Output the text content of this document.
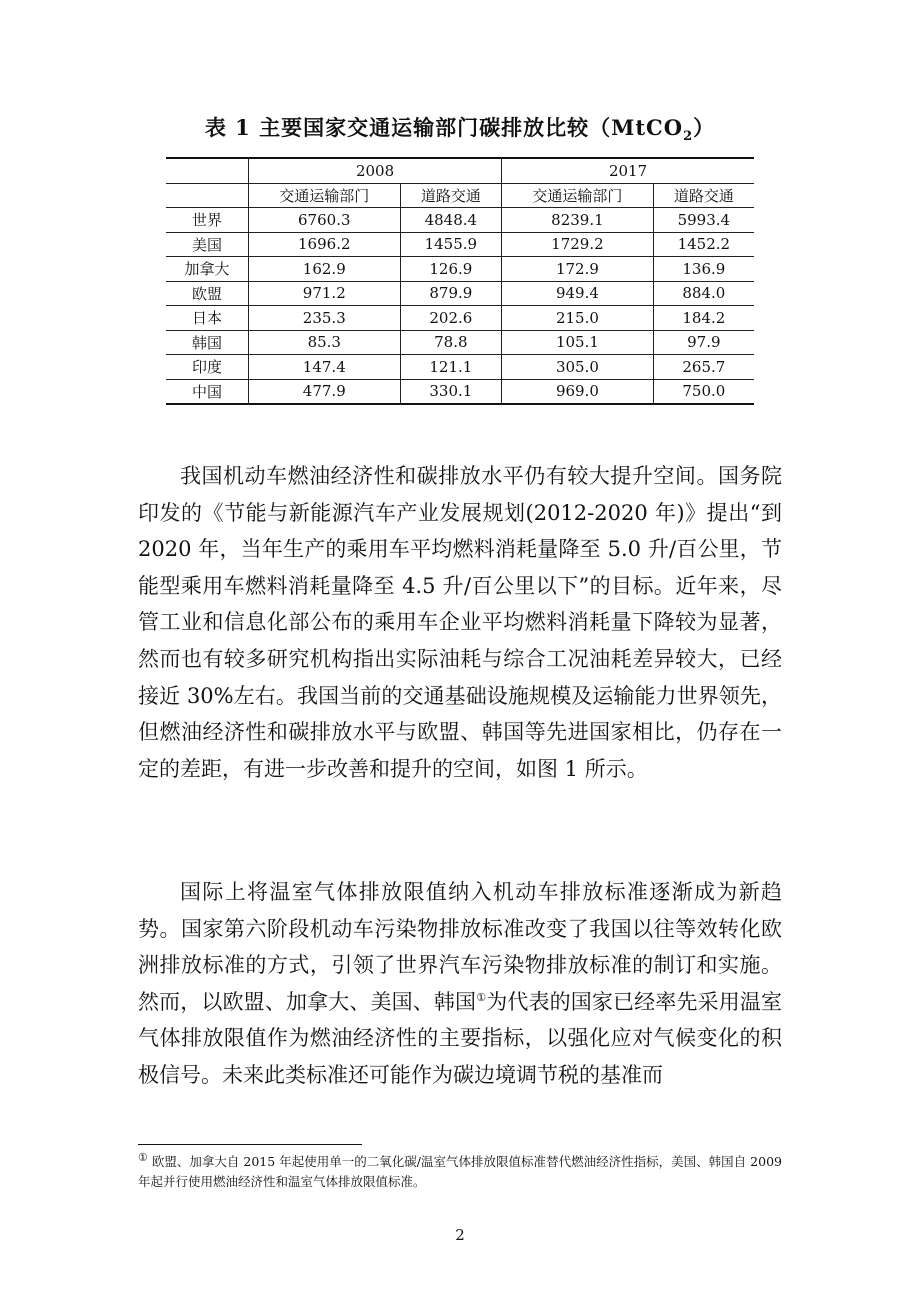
表 1 主要国家交通运输部门碳排放比较（MtCO$_2$）
	2008		2017	
	交通运输部门	道路交通	交通运输部门	道路交通
世界	6760.3	4848.4	8239.1	5993.4
美国	1696.2	1455.9	1729.2	1452.2
加拿大	162.9	126.9	172.9	136.9
欧盟	971.2	879.9	949.4	884.0
日本	235.3	202.6	215.0	184.2
韩国	85.3	78.8	105.1	97.9
印度	147.4	121.1	305.0	265.7
中国	477.9	330.1	969.0	750.0

我国机动车燃油经济性和碳排放水平仍有较大提升空间。国务院印发的《节能与新能源汽车产业发展规划(2012-2020 年)》提出“到 2020 年，当年生产的乘用车平均燃料消耗量降至 5.0 升/百公里，节能型乘用车燃料消耗量降至 4.5 升/百公里以下”的目标。近年来，尽管工业和信息化部公布的乘用车企业平均燃料消耗量下降较为显著，然而也有较多研究机构指出实际油耗与综合工况油耗差异较大，已经接近 30%左右。我国当前的交通基础设施规模及运输能力世界领先，但燃油经济性和碳排放水平与欧盟、韩国等先进国家相比，仍存在一定的差距，有进一步改善和提升的空间，如图 1 所示。

国际上将温室气体排放限值纳入机动车排放标准逐渐成为新趋势。国家第六阶段机动车污染物排放标准改变了我国以往等效转化欧洲排放标准的方式，引领了世界汽车污染物排放标准的制订和实施。然而，以欧盟、加拿大、美国、韩国①为代表的国家已经率先采用温室气体排放限值作为燃油经济性的主要指标，以强化应对气候变化的积极信号。未来此类标准还可能作为碳边境调节税的基准而

① 欧盟、加拿大自 2015 年起使用单一的二氧化碳/温室气体排放限值标准替代燃油经济性指标，美国、韩国自 2009 年起并行使用燃油经济性和温室气体排放限值标准。

2
